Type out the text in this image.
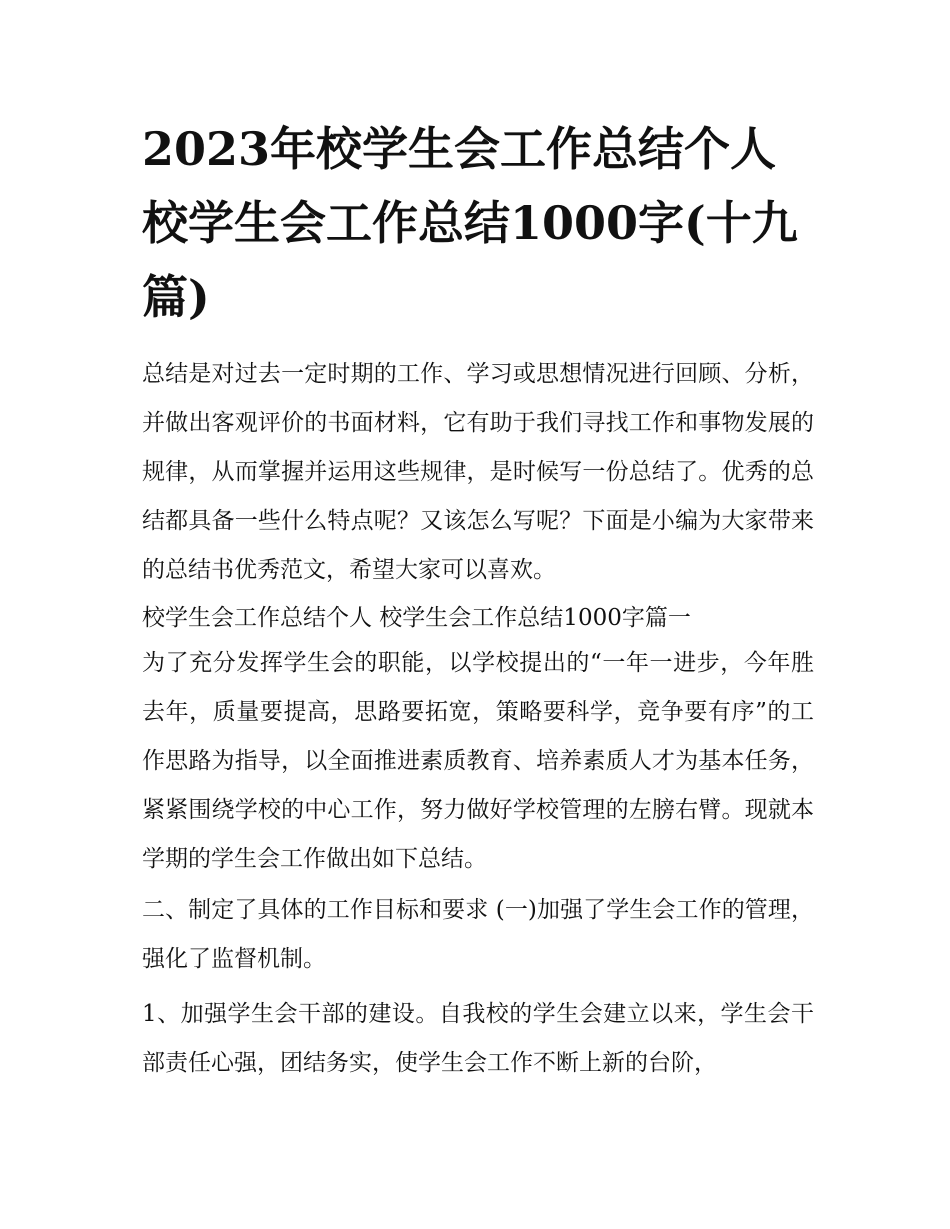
2023年校学生会工作总结个人 校学生会工作总结1000字(十九篇)

总结是对过去一定时期的工作、学习或思想情况进行回顾、分析，并做出客观评价的书面材料，它有助于我们寻找工作和事物发展的规律，从而掌握并运用这些规律，是时候写一份总结了。优秀的总结都具备一些什么特点呢？又该怎么写呢？下面是小编为大家带来的总结书优秀范文，希望大家可以喜欢。

校学生会工作总结个人 校学生会工作总结1000字篇一

为了充分发挥学生会的职能，以学校提出的“一年一进步，今年胜去年，质量要提高，思路要拓宽，策略要科学，竞争要有序”的工作思路为指导，以全面推进素质教育、培养素质人才为基本任务，紧紧围绕学校的中心工作，努力做好学校管理的左膀右臂。现就本学期的学生会工作做出如下总结。

二、制定了具体的工作目标和要求 (一)加强了学生会工作的管理，强化了监督机制。

1、加强学生会干部的建设。自我校的学生会建立以来，学生会干部责任心强，团结务实，使学生会工作不断上新的台阶，
